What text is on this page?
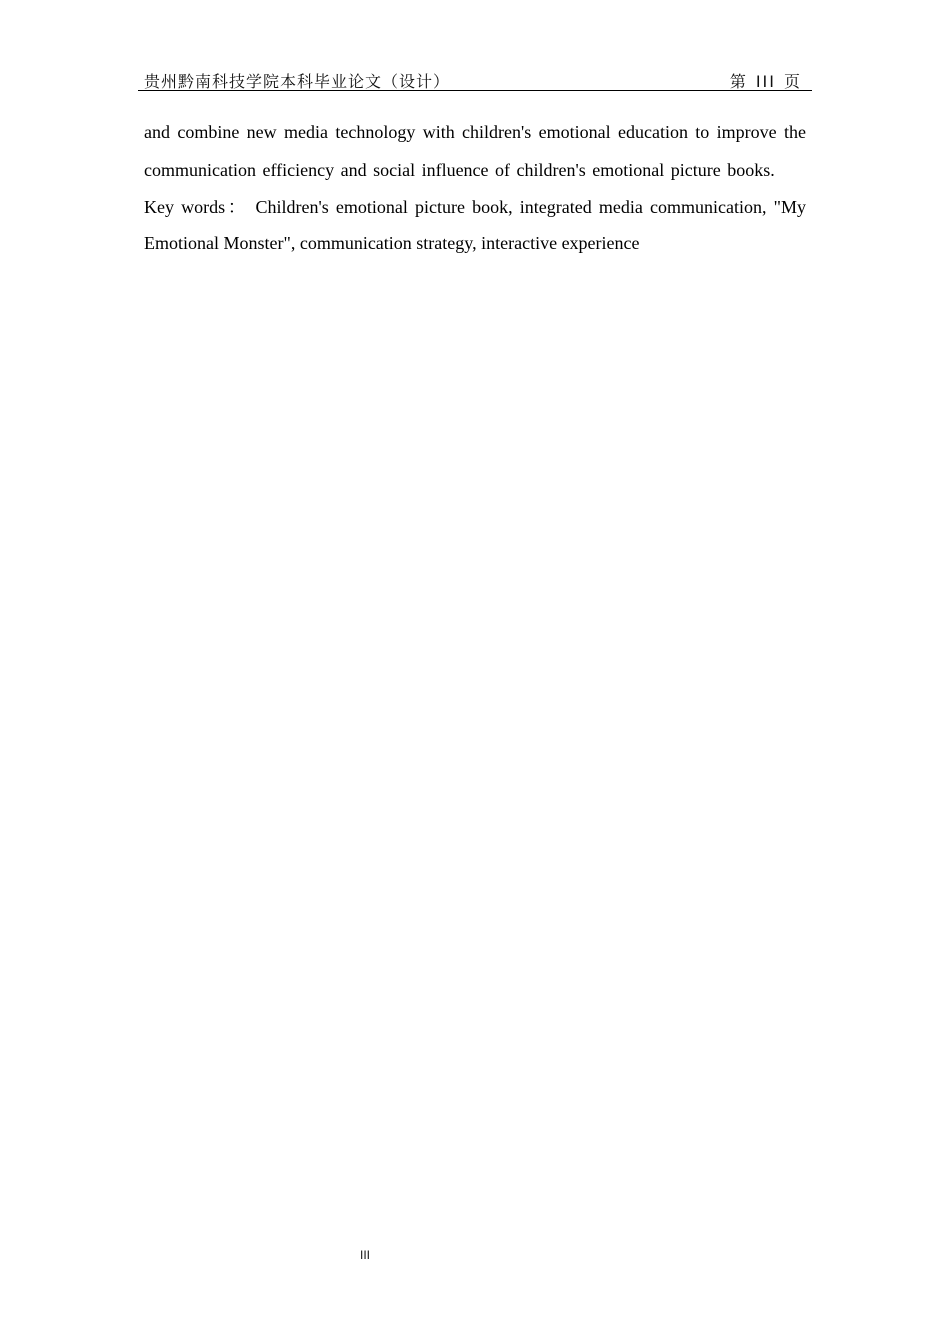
贵州黔南科技学院本科毕业论文（设计）	第 III 页

and combine new media technology with children's emotional education to improve the communication efficiency and social influence of children's emotional picture books.

Key words： Children's emotional picture book, integrated media communication, "My Emotional Monster", communication strategy, interactive experience

III
